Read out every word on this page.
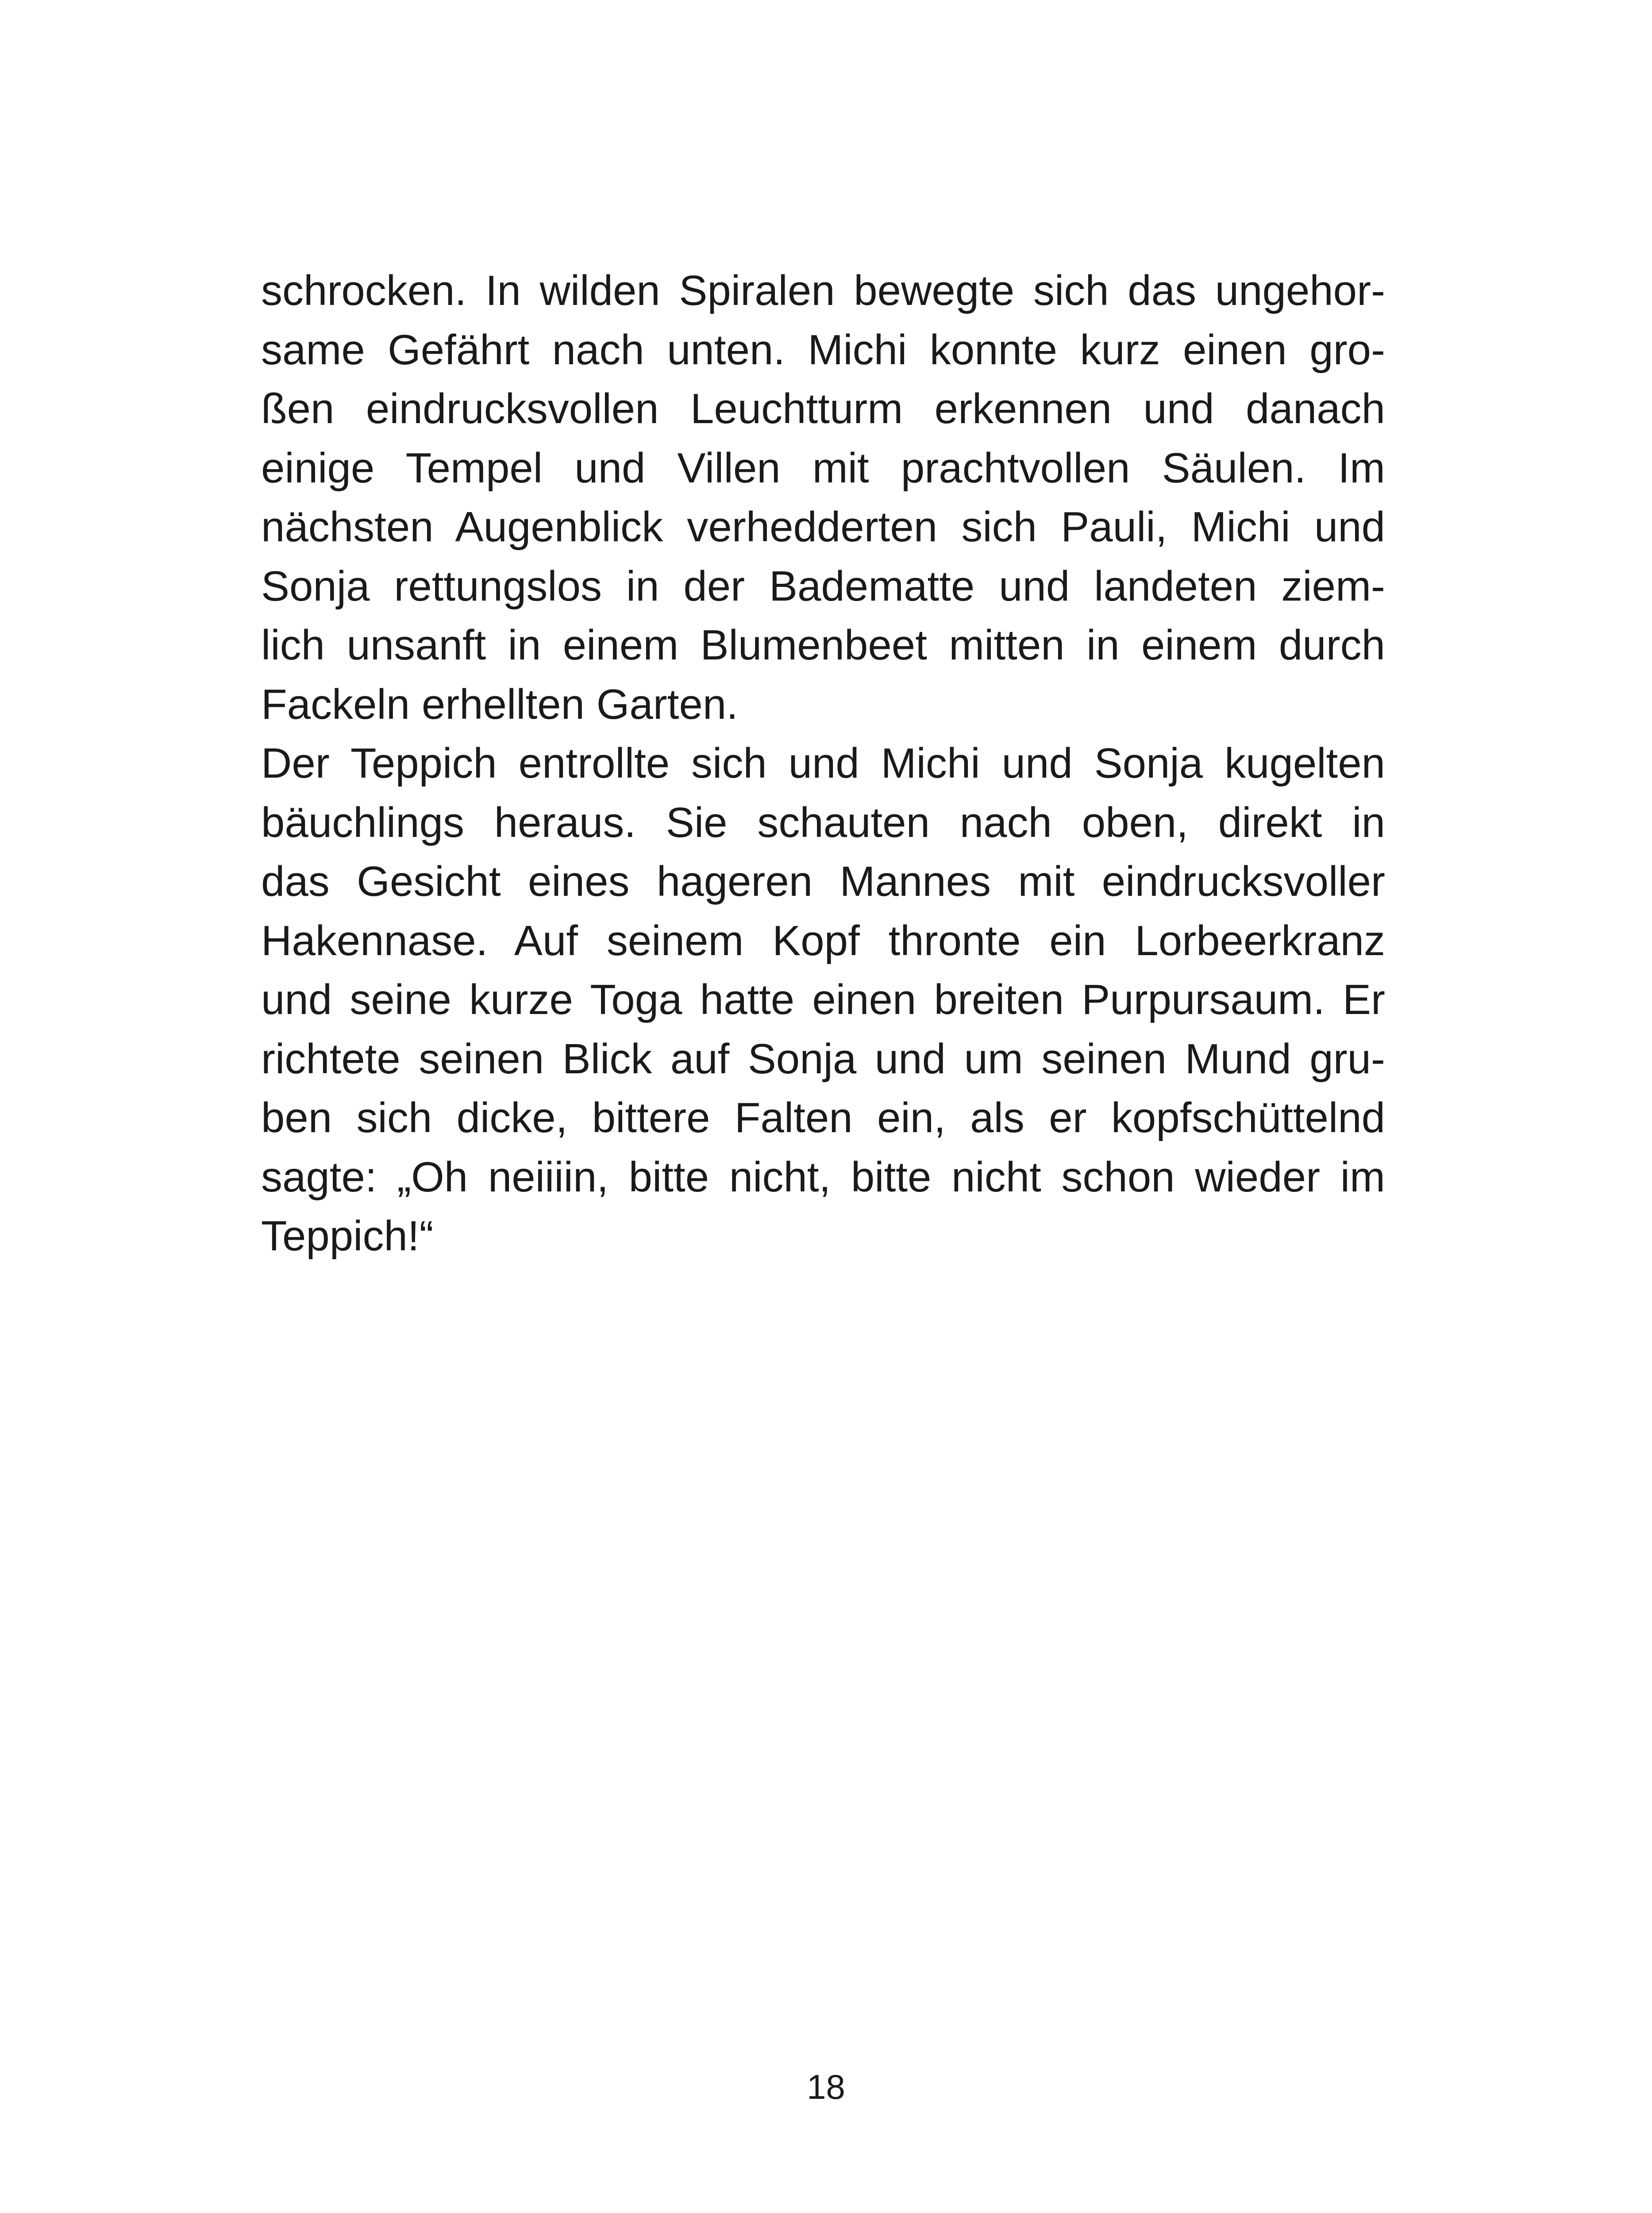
schrocken. In wilden Spiralen bewegte sich das ungehor-
same Gefährt nach unten. Michi konnte kurz einen gro-
ßen eindrucksvollen Leuchtturm erkennen und danach
einige Tempel und Villen mit prachtvollen Säulen. Im
nächsten Augenblick verhedderten sich Pauli, Michi und
Sonja rettungslos in der Badematte und landeten ziem-
lich unsanft in einem Blumenbeet mitten in einem durch
Fackeln erhellten Garten.
Der Teppich entrollte sich und Michi und Sonja kugelten
bäuchlings heraus. Sie schauten nach oben, direkt in
das Gesicht eines hageren Mannes mit eindrucksvoller
Hakennase. Auf seinem Kopf thronte ein Lorbeerkranz
und seine kurze Toga hatte einen breiten Purpursaum. Er
richtete seinen Blick auf Sonja und um seinen Mund gru-
ben sich dicke, bittere Falten ein, als er kopfschüttelnd
sagte: „Oh neiiiin, bitte nicht, bitte nicht schon wieder im
Teppich!“
18
